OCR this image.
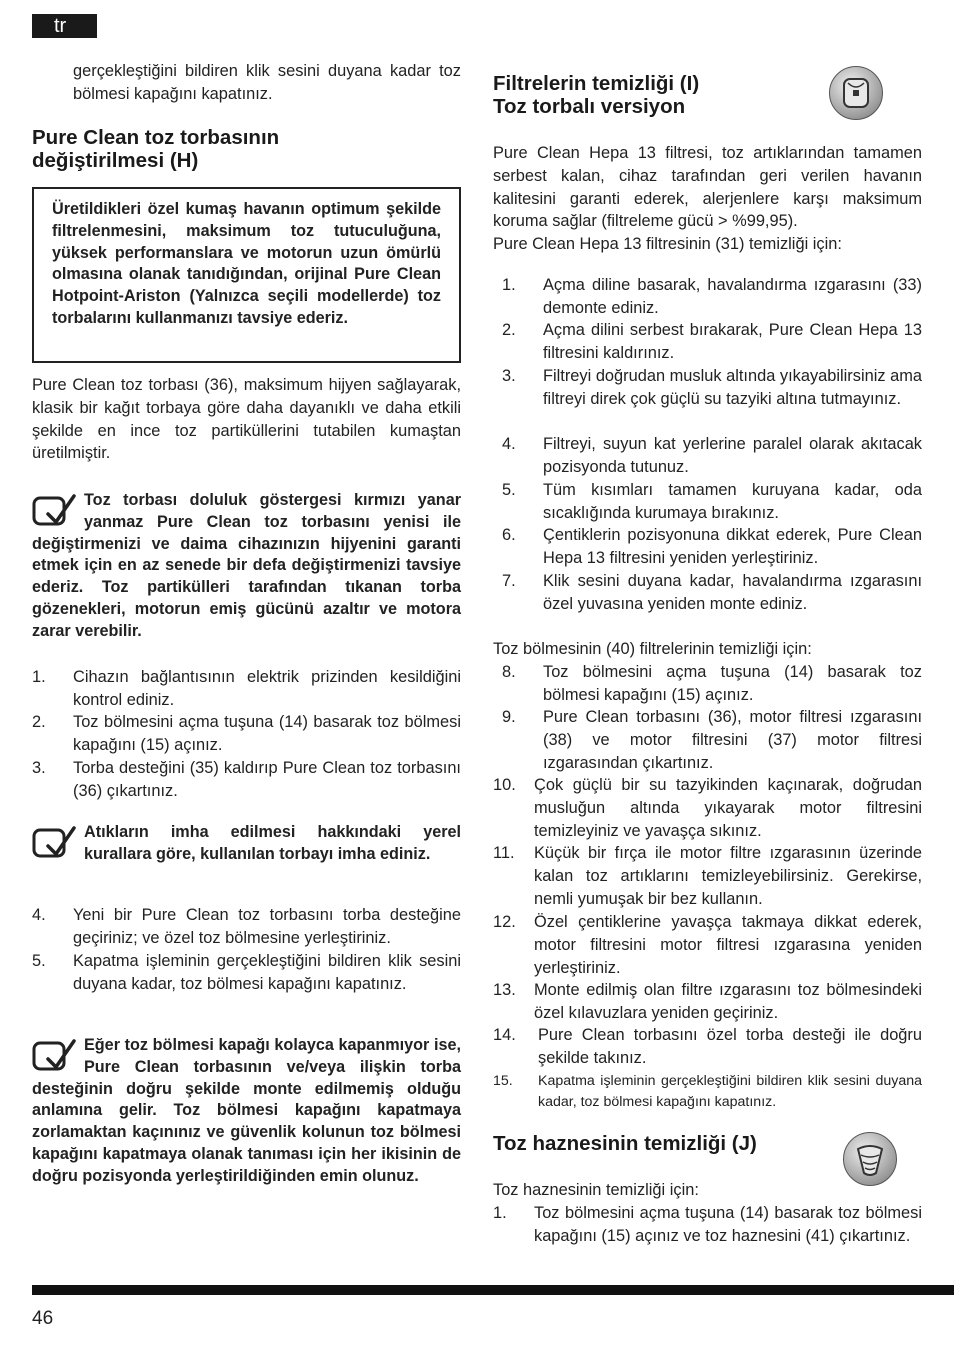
tr

gerçekleştiğini bildiren klik sesini duyana kadar toz bölmesi kapağını kapatınız.

Pure Clean toz torbasının
değiştirilmesi (H)
Üretildikleri özel kumaş havanın optimum şekilde filtrelenmesini, maksimum toz tutuculuğuna, yüksek performanslara ve motorun uzun ömürlü olmasına olanak tanıdığından, orijinal Pure Clean Hotpoint-Ariston (Yalnızca seçili modellerde) toz torbalarını kullanmanızı tavsiye ederiz.

Pure Clean toz torbası (36), maksimum hijyen sağlayarak, klasik bir kağıt torbaya göre daha dayanıklı ve daha etkili şekilde en ince toz partiküllerini tutabilen kumaştan üretilmiştir.

Toz torbası doluluk göstergesi kırmızı yanar yanmaz Pure Clean toz torbasını yenisi ile değiştirmenizi ve daima cihazınızın hijyenini garanti etmek için en az senede bir defa değiştirmenizi tavsiye ederiz. Toz partikülleri tarafından tıkanan torba gözenekleri, motorun emiş gücünü azaltır ve motora zarar verebilir.
1. Cihazın bağlantısının elektrik prizinden kesildiğini kontrol ediniz.
2. Toz bölmesini açma tuşuna (14) basarak toz bölmesi kapağını (15) açınız.
3. Torba desteğini (35) kaldırıp Pure Clean toz torbasını (36) çıkartınız.
Atıkların imha edilmesi hakkındaki yerel kurallara göre, kullanılan torbayı imha ediniz.
4. Yeni bir Pure Clean toz torbasını torba desteğine geçiriniz; ve özel toz bölmesine yerleştiriniz.
5. Kapatma işleminin gerçekleştiğini bildiren klik sesini duyana kadar, toz bölmesi kapağını kapatınız.
Eğer toz bölmesi kapağı kolayca kapanmıyor ise, Pure Clean torbasının ve/veya ilişkin torba desteğinin doğru şekilde monte edilmemiş olduğu anlamına gelir. Toz bölmesi kapağını kapatmaya zorlamaktan kaçınınız ve güvenlik kolunun toz bölmesi kapağını kapatmaya olanak tanıması için her ikisinin de doğru pozisyonda yerleştirildiğinden emin olunuz.
Filtrelerin temizliği (I)
Toz torbalı versiyon

Pure Clean Hepa 13 filtresi, toz artıklarından tamamen serbest kalan, cihaz tarafından geri verilen havanın kalitesini garanti ederek, alerjenlere karşı maksimum koruma sağlar (filtreleme gücü > %99,95).

Pure Clean Hepa 13 filtresinin (31) temizliği için:

1. Açma diline basarak, havalandırma ızgarasını (33) demonte ediniz.
2. Açma dilini serbest bırakarak, Pure Clean Hepa 13 filtresini kaldırınız.
3. Filtreyi doğrudan musluk altında yıkayabilirsiniz ama filtreyi direk çok güçlü su tazyiki altına tutmayınız.
4. Filtreyi, suyun kat yerlerine paralel olarak akıtacak pozisyonda tutunuz.
5. Tüm kısımları tamamen kuruyana kadar, oda sıcaklığında kurumaya bırakınız.
6. Çentiklerin pozisyonuna dikkat ederek, Pure Clean Hepa 13 filtresini yeniden yerleştiriniz.
7. Klik sesini duyana kadar, havalandırma ızgarasını özel yuvasına yeniden monte ediniz.

Toz bölmesinin (40) filtrelerinin temizliği için:

8. Toz bölmesini açma tuşuna (14) basarak toz bölmesi kapağını (15) açınız.
9. Pure Clean torbasını (36), motor filtresi ızgarasını (38) ve motor filtresini (37) motor filtresi ızgarasından çıkartınız.
10. Çok güçlü bir su tazyikinden kaçınarak, doğrudan musluğun altında yıkayarak motor filtresini temizleyiniz ve yavaşça sıkınız.
11. Küçük bir fırça ile motor filtre ızgarasının üzerinde kalan toz artıklarını temizleyebilirsiniz. Gerekirse, nemli yumuşak bir bez kullanın.
12. Özel çentiklerine yavaşça takmaya dikkat ederek, motor filtresini motor filtresi ızgarasına yeniden yerleştiriniz.
13. Monte edilmiş olan filtre ızgarasını toz bölmesindeki özel kılavuzlara yeniden geçiriniz.
14. Pure Clean torbasını özel torba desteği ile doğru şekilde takınız.
15. Kapatma işleminin gerçekleştiğini bildiren klik sesini duyana kadar, toz bölmesi kapağını kapatınız.
Toz haznesinin temizliği (J)

Toz haznesinin temizliği için:

1. Toz bölmesini açma tuşuna (14) basarak toz bölmesi kapağını (15) açınız ve toz haznesini (41) çıkartınız.
46
